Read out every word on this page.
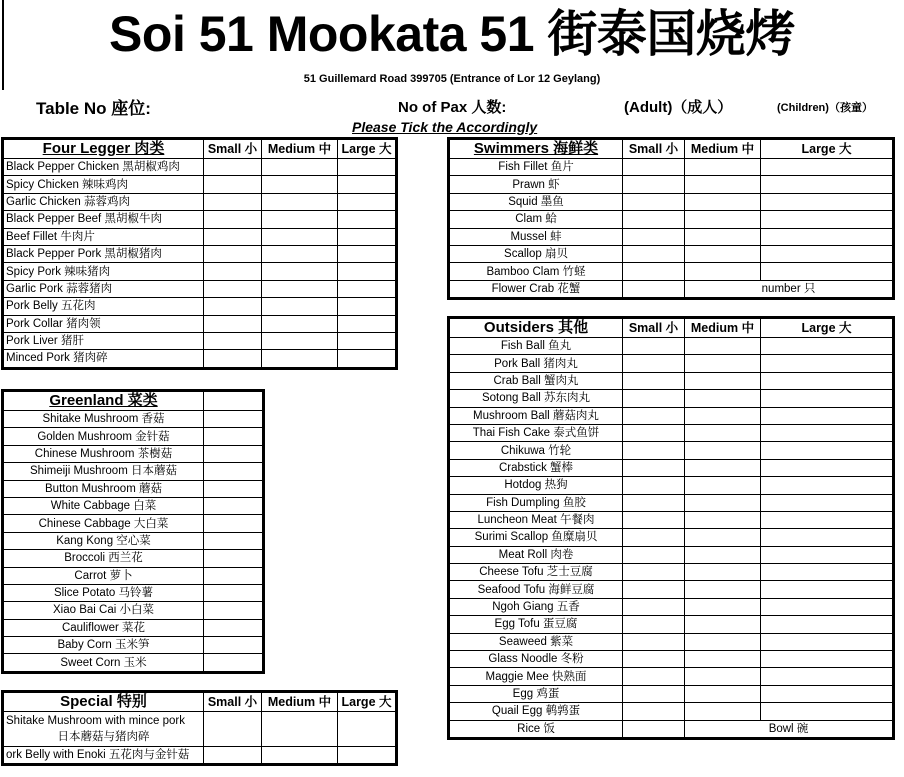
Soi 51 Mookata 51 街泰国烧烤
51 Guillemard Road 399705 (Entrance of Lor 12 Geylang)
Table No 座位:	No of Pax 人数:	(Adult)（成人）	(Children)（孩童）
Please Tick the Accordingly
Four Legger 肉类	Small 小	Medium 中	Large 大
Black Pepper Chicken 黑胡椒鸡肉			
Spicy Chicken 辣味鸡肉			
Garlic Chicken 蒜蓉鸡肉			
Black Pepper Beef 黑胡椒牛肉			
Beef Fillet 牛肉片			
Black Pepper Pork 黑胡椒猪肉			
Spicy Pork 辣味猪肉			
Garlic Pork 蒜蓉猪肉			
Pork Belly 五花肉			
Pork Collar 猪肉领			
Pork Liver 猪肝			
Minced Pork 猪肉碎			
Greenland 菜类	
Shitake Mushroom 香菇	
Golden Mushroom 金针菇	
Chinese Mushroom 茶樹菇	
Shimeiji Mushroom 日本蘑菇	
Button Mushroom 蘑菇	
White Cabbage 白菜	
Chinese Cabbage 大白菜	
Kang Kong 空心菜	
Broccoli 西兰花	
Carrot 萝卜	
Slice Potato 马铃薯	
Xiao Bai Cai 小白菜	
Cauliflower 菜花	
Baby Corn 玉米笋	
Sweet Corn 玉米	
Special 特别	Small 小	Medium 中	Large 大

Shitake Mushroom with mince pork
日本蘑菇与猪肉碎			

ork Belly with Enoki 五花肉与金针菇			
Swimmers 海鲜类	Small 小	Medium 中	Large 大
Fish Fillet 鱼片			
Prawn 虾			
Squid 墨鱼			
Clam 蛤			
Mussel 蚌			
Scallop 扇贝			
Bamboo Clam 竹蛏			
Flower Crab 花蟹		number 只	
Outsiders 其他	Small 小	Medium 中	Large 大
Fish Ball 鱼丸			
Pork Ball 猪肉丸			
Crab Ball 蟹肉丸			
Sotong Ball 苏东肉丸			
Mushroom Ball 蘑菇肉丸			
Thai Fish Cake 泰式鱼饼			
Chikuwa 竹轮			
Crabstick 蟹棒			
Hotdog 热狗			
Fish Dumpling 鱼胶			
Luncheon Meat 午餐肉			
Surimi Scallop 鱼糜扇贝			
Meat Roll 肉卷			
Cheese Tofu 芝士豆腐			
Seafood Tofu 海鲜豆腐			
Ngoh Giang 五香			
Egg Tofu 蛋豆腐			
Seaweed 紫菜			
Glass Noodle 冬粉			
Maggie Mee 快熟面			
Egg 鸡蛋			
Quail Egg 鹌鹑蛋			
Rice 饭		Bowl 碗	
